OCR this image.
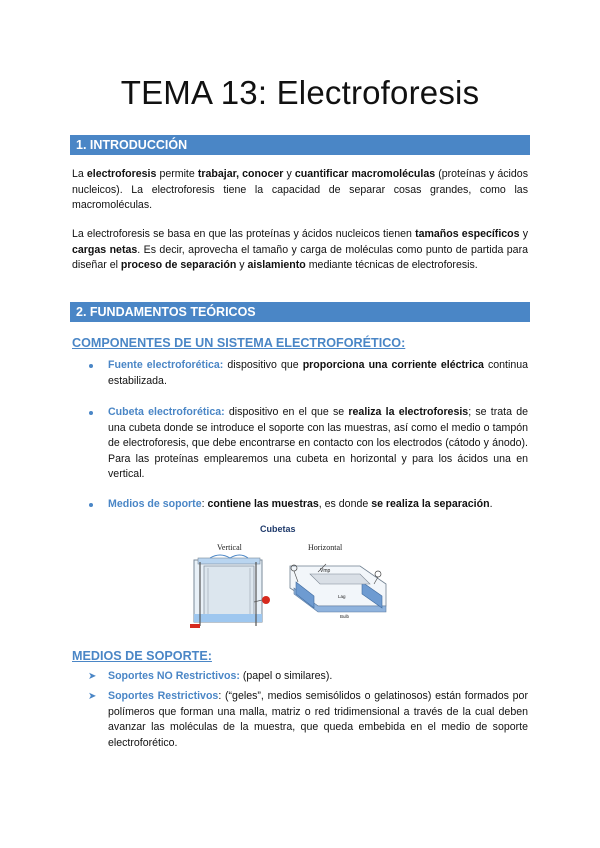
TEMA 13: Electroforesis
1. INTRODUCCIÓN

La electroforesis permite trabajar, conocer y cuantificar macromoléculas (proteínas y ácidos nucleicos). La electroforesis tiene la capacidad de separar cosas grandes, como las macromoléculas.

La electroforesis se basa en que las proteínas y ácidos nucleicos tienen tamaños específicos y cargas netas. Es decir, aprovecha el tamaño y carga de moléculas como punto de partida para diseñar el proceso de separación y aislamiento mediante técnicas de electroforesis.

2. FUNDAMENTOS TEÓRICOS

COMPONENTES DE UN SISTEMA ELECTROFORÉTICO:

Fuente electroforética: dispositivo que proporciona una corriente eléctrica continua estabilizada.

Cubeta electroforética: dispositivo en el que se realiza la electroforesis; se trata de una cubeta donde se introduce el soporte con las muestras, así como el medio o tampón de electroforesis, que debe encontrarse en contacto con los electrodos (cátodo y ánodo). Para las proteínas emplearemos una cubeta en horizontal y para los ácidos una en vertical.

Medios de soporte: contiene las muestras, es donde se realiza la separación.

Cubetas
Vertical	Horizontal
Vmp
Lag
Bulb

MEDIOS DE SOPORTE:

➤ Soportes NO Restrictivos: (papel o similares).

➤ Soportes Restrictivos: (“geles”, medios semisólidos o gelatinosos) están formados por polímeros que forman una malla, matriz o red tridimensional a través de la cual deben avanzar las moléculas de la muestra, que queda embebida en el medio de soporte electroforético.
